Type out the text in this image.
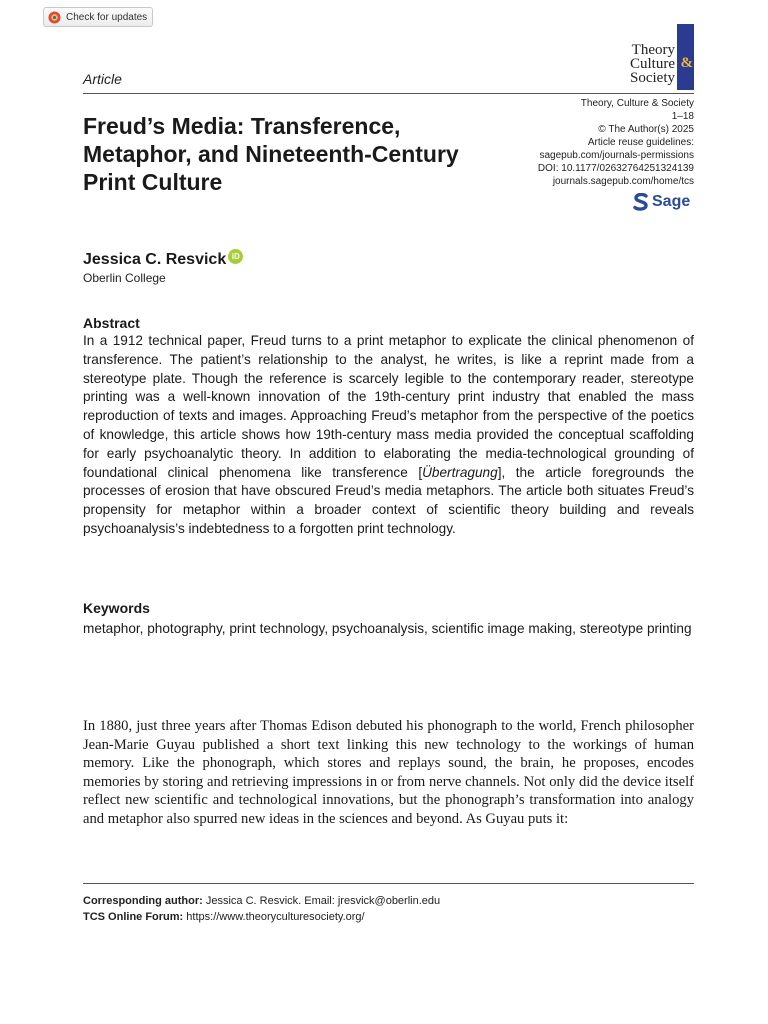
Check for updates
Theory
Culture &
Society
Article
Freud’s Media: Transference, Metaphor, and Nineteenth-Century Print Culture
Theory, Culture & Society
1–18
© The Author(s) 2025
Article reuse guidelines:
sagepub.com/journals-permissions
DOI: 10.1177/02632764251324139
journals.sagepub.com/home/tcs
Sage
Jessica C. Resvick iD
Oberlin College
Abstract

In a 1912 technical paper, Freud turns to a print metaphor to explicate the clinical phenomenon of transference. The patient’s relationship to the analyst, he writes, is like a reprint made from a stereotype plate. Though the reference is scarcely legible to the contemporary reader, stereotype printing was a well-known innovation of the 19th-century print industry that enabled the mass reproduction of texts and images. Approaching Freud’s metaphor from the perspective of the poetics of knowledge, this article shows how 19th-century mass media provided the conceptual scaffolding for early psychoanalytic theory. In addition to elaborating the media-technological grounding of foundational clinical phenomena like transference [Übertragung], the article foregrounds the processes of erosion that have obscured Freud’s media metaphors. The article both situates Freud’s propensity for metaphor within a broader context of scientific theory building and reveals psychoanalysis’s indebtedness to a forgotten print technology.

Keywords

metaphor, photography, print technology, psychoanalysis, scientific image making, stereotype printing

In 1880, just three years after Thomas Edison debuted his phonograph to the world, French philosopher Jean-Marie Guyau published a short text linking this new technology to the workings of human memory. Like the phonograph, which stores and replays sound, the brain, he proposes, encodes memories by storing and retrieving impressions in or from nerve channels. Not only did the device itself reflect new scientific and technological innovations, but the phonograph’s transformation into analogy and metaphor also spurred new ideas in the sciences and beyond. As Guyau puts it:

Corresponding author: Jessica C. Resvick. Email: jresvick@oberlin.edu
TCS Online Forum: https://www.theoryculturesociety.org/
